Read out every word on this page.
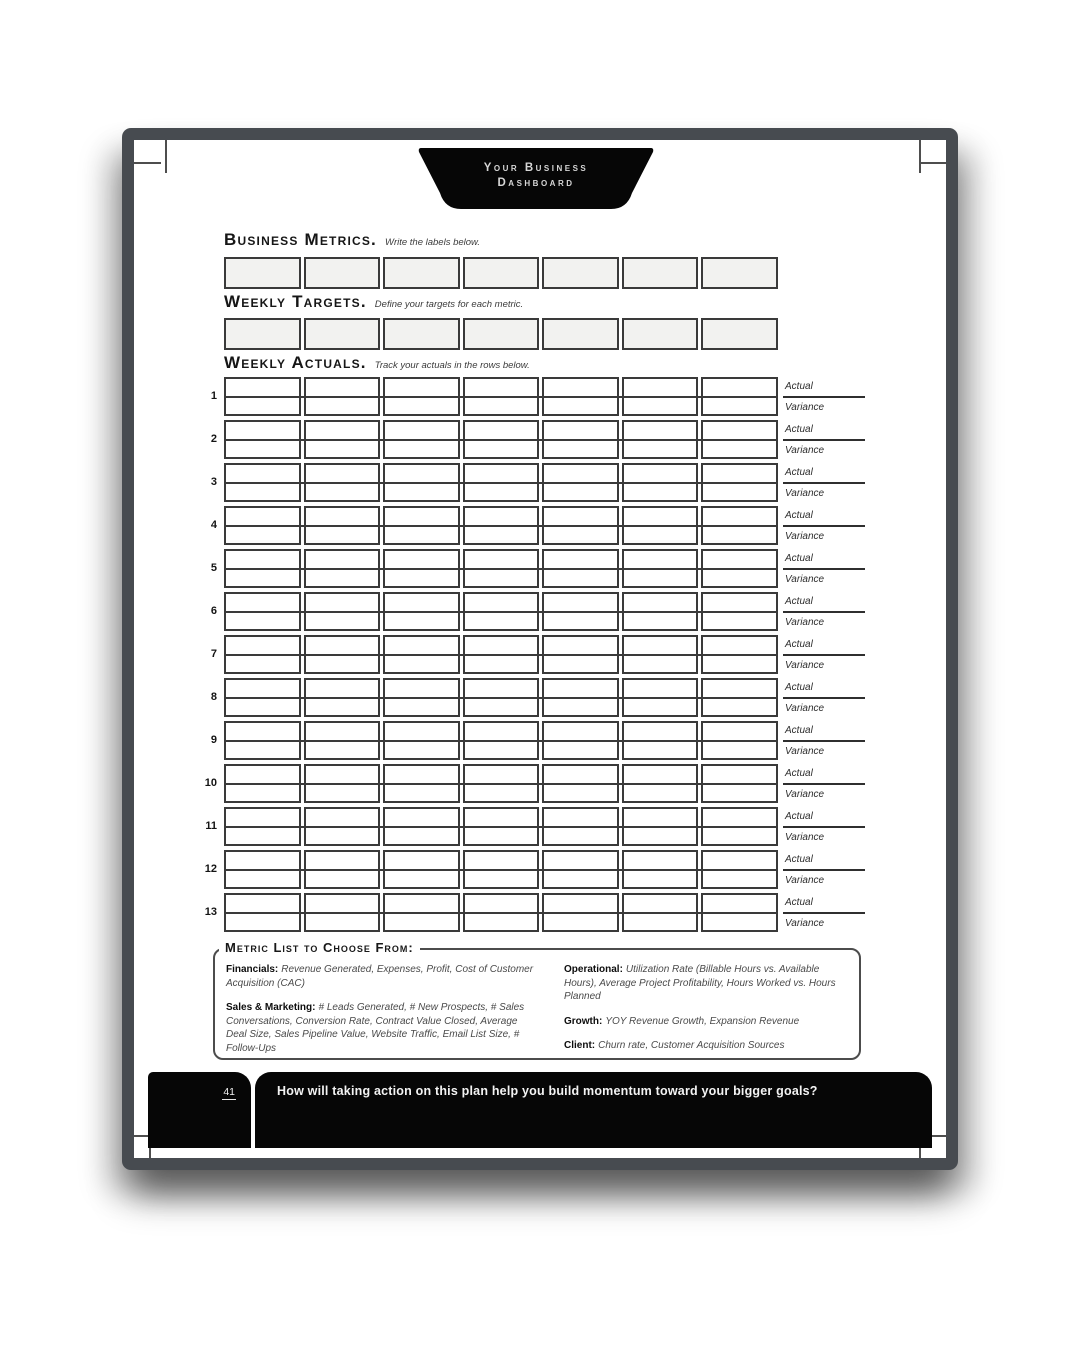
Your Business
Dashboard
Business Metrics. Write the labels below.
Weekly Targets. Define your targets for each metric.
Weekly Actuals. Track your actuals in the rows below.
1
Actual
Variance
2
Actual
Variance
3
Actual
Variance
4
Actual
Variance
5
Actual
Variance
6
Actual
Variance
7
Actual
Variance
8
Actual
Variance
9
Actual
Variance
10
Actual
Variance
11
Actual
Variance
12
Actual
Variance
13
Actual
Variance
Metric List to Choose From:

Financials: Revenue Generated, Expenses, Profit, Cost of Customer Acquisition (CAC)

Sales & Marketing: # Leads Generated, # New Prospects, # Sales Conversations, Conversion Rate, Contract Value Closed, Average Deal Size, Sales Pipeline Value, Website Traffic, Email List Size, # Follow-Ups

Operational: Utilization Rate (Billable Hours vs. Available Hours), Average Project Profitability, Hours Worked vs. Hours Planned

Growth: YOY Revenue Growth, Expansion Revenue

Client: Churn rate, Customer Acquisition Sources

41	How will taking action on this plan help you build momentum toward your bigger goals?
